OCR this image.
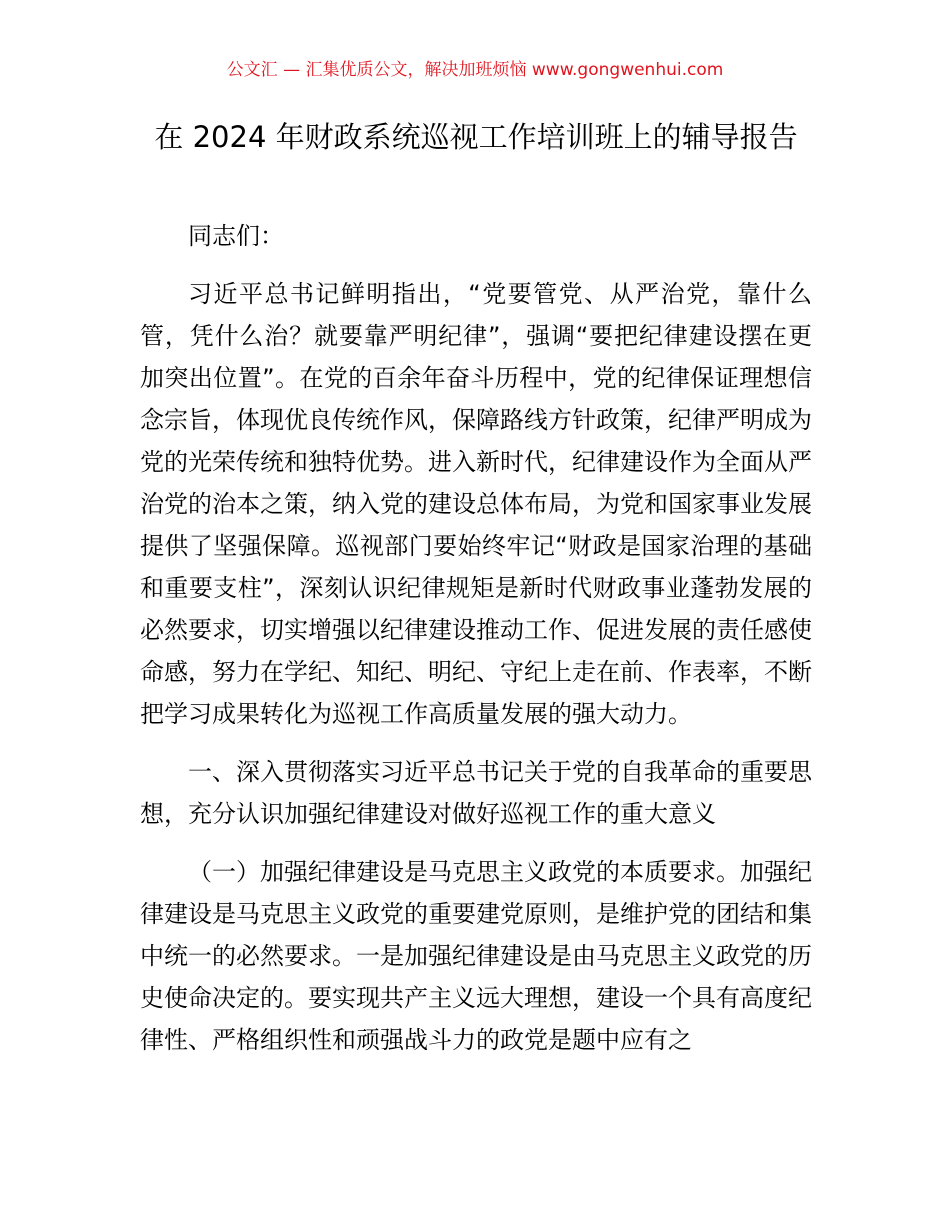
公文汇 — 汇集优质公文，解决加班烦恼 www.gongwenhui.com
在 2024 年财政系统巡视工作培训班上的辅导报告

同志们：

习近平总书记鲜明指出，“党要管党、从严治党，靠什么管，凭什么治？就要靠严明纪律”，强调“要把纪律建设摆在更加突出位置”。在党的百余年奋斗历程中，党的纪律保证理想信念宗旨，体现优良传统作风，保障路线方针政策，纪律严明成为党的光荣传统和独特优势。进入新时代，纪律建设作为全面从严治党的治本之策，纳入党的建设总体布局，为党和国家事业发展提供了坚强保障。巡视部门要始终牢记“财政是国家治理的基础和重要支柱”，深刻认识纪律规矩是新时代财政事业蓬勃发展的必然要求，切实增强以纪律建设推动工作、促进发展的责任感使命感，努力在学纪、知纪、明纪、守纪上走在前、作表率，不断把学习成果转化为巡视工作高质量发展的强大动力。

一、深入贯彻落实习近平总书记关于党的自我革命的重要思想，充分认识加强纪律建设对做好巡视工作的重大意义

（一）加强纪律建设是马克思主义政党的本质要求。加强纪律建设是马克思主义政党的重要建党原则，是维护党的团结和集中统一的必然要求。一是加强纪律建设是由马克思主义政党的历史使命决定的。要实现共产主义远大理想，建设一个具有高度纪律性、严格组织性和顽强战斗力的政党是题中应有之
